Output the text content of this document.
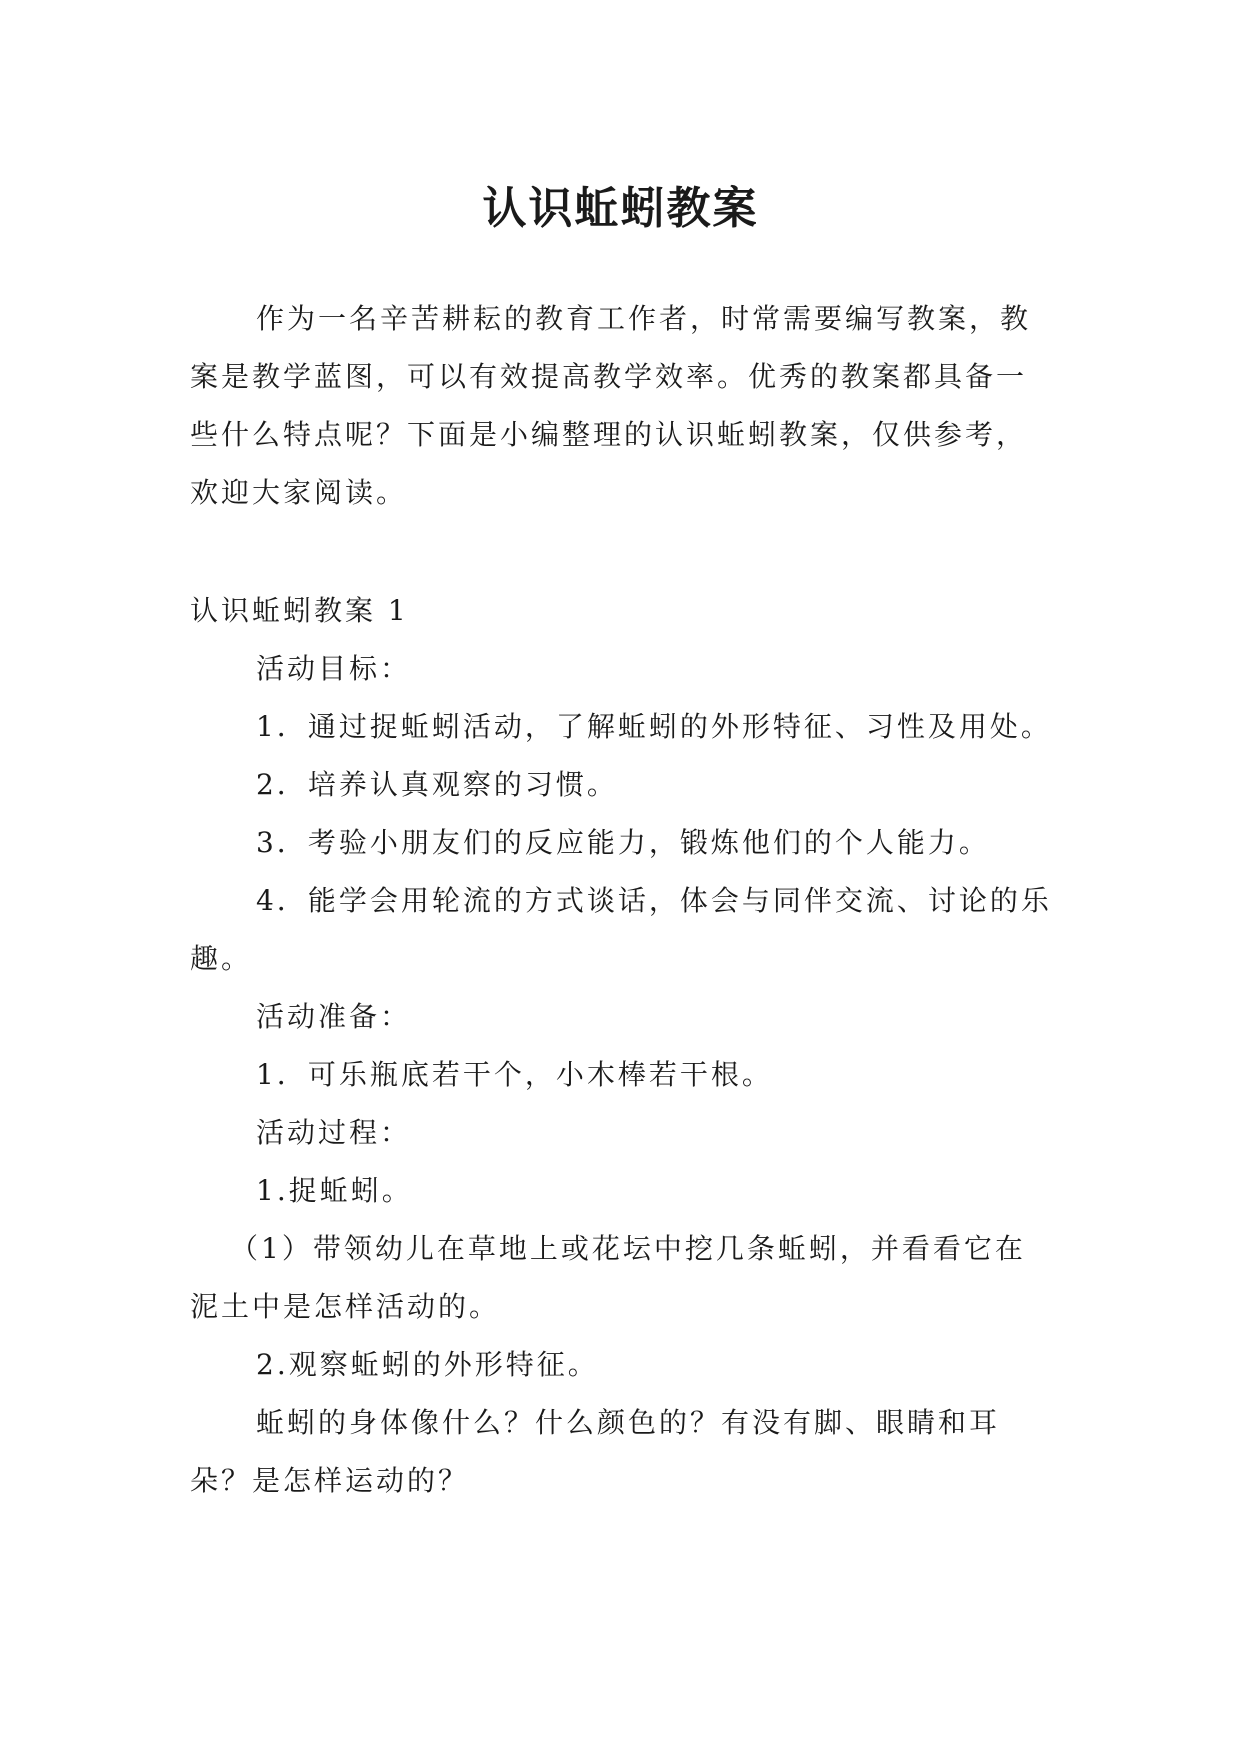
认识蚯蚓教案

作为一名辛苦耕耘的教育工作者，时常需要编写教案，教案是教学蓝图，可以有效提高教学效率。优秀的教案都具备一些什么特点呢？下面是小编整理的认识蚯蚓教案，仅供参考，欢迎大家阅读。

认识蚯蚓教案 1

活动目标：

1．通过捉蚯蚓活动，了解蚯蚓的外形特征、习性及用处。

2．培养认真观察的习惯。

3．考验小朋友们的反应能力，锻炼他们的个人能力。

4．能学会用轮流的方式谈话，体会与同伴交流、讨论的乐趣。

活动准备：

1．可乐瓶底若干个，小木棒若干根。

活动过程：

1.捉蚯蚓。

（1）带领幼儿在草地上或花坛中挖几条蚯蚓，并看看它在泥土中是怎样活动的。

2.观察蚯蚓的外形特征。

蚯蚓的身体像什么？什么颜色的？有没有脚、眼睛和耳朵？是怎样运动的？
